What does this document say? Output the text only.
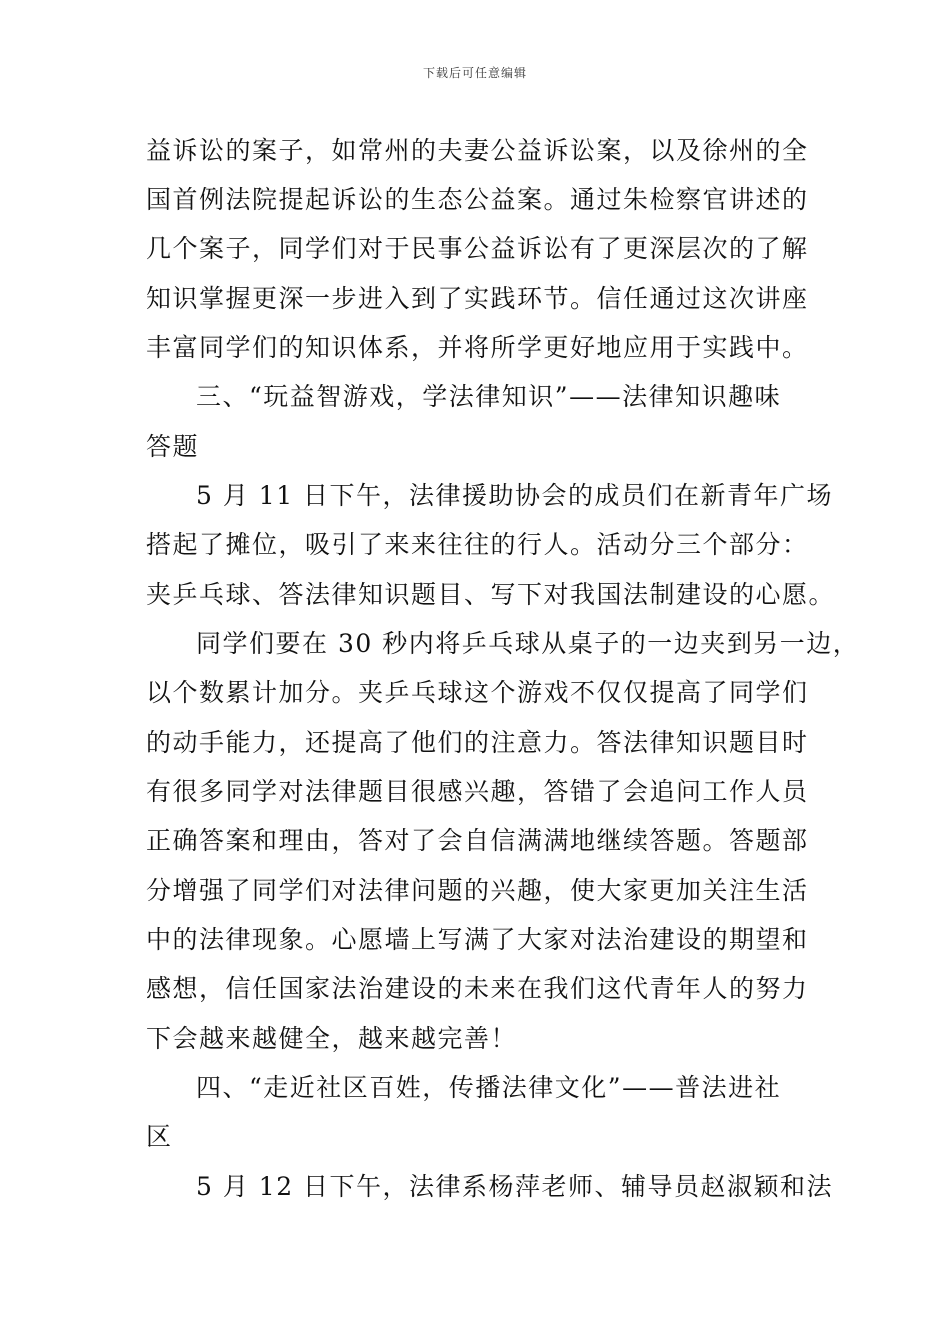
下载后可任意编辑
益诉讼的案子，如常州的夫妻公益诉讼案，以及徐州的全
国首例法院提起诉讼的生态公益案。通过朱检察官讲述的
几个案子，同学们对于民事公益诉讼有了更深层次的了解
知识掌握更深一步进入到了实践环节。信任通过这次讲座
丰富同学们的知识体系，并将所学更好地应用于实践中。
三、“玩益智游戏，学法律知识”——法律知识趣味
答题
5 月 11 日下午，法律援助协会的成员们在新青年广场
搭起了摊位，吸引了来来往往的行人。活动分三个部分：
夹乒乓球、答法律知识题目、写下对我国法制建设的心愿。
同学们要在 30 秒内将乒乓球从桌子的一边夹到另一边，
以个数累计加分。夹乒乓球这个游戏不仅仅提高了同学们
的动手能力，还提高了他们的注意力。答法律知识题目时
有很多同学对法律题目很感兴趣，答错了会追问工作人员
正确答案和理由，答对了会自信满满地继续答题。答题部
分增强了同学们对法律问题的兴趣，使大家更加关注生活
中的法律现象。心愿墙上写满了大家对法治建设的期望和
感想，信任国家法治建设的未来在我们这代青年人的努力
下会越来越健全，越来越完善！
四、“走近社区百姓，传播法律文化”——普法进社
区
5 月 12 日下午，法律系杨萍老师、辅导员赵淑颖和法
